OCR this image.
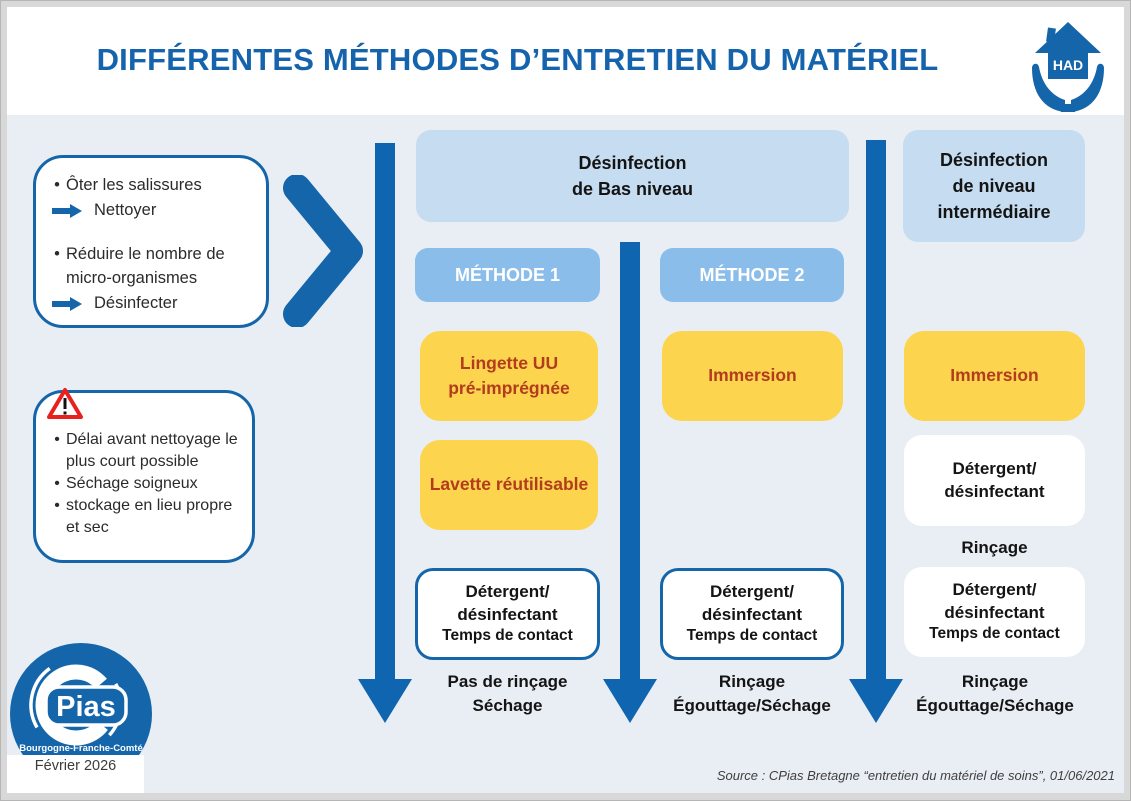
DIFFÉRENTES MÉTHODES D’ENTRETIEN DU MATÉRIEL	HAD
• Ôter les salissures
Nettoyer
• Réduire le nombre de micro-organismes
Désinfecter
• Délai avant nettoyage le plus court possible
• Séchage soigneux
• stockage en lieu propre et sec
Désinfection
de Bas niveau
Désinfection
de niveau
intermédiaire
MÉTHODE 1	MÉTHODE 2
Lingette UU
pré-imprégnée
Lavette réutilisable
Détergent/
désinfectant
Temps de contact
Pas de rinçage
Séchage
Immersion
Détergent/
désinfectant
Temps de contact
Rinçage
Égouttage/Séchage
Immersion
Détergent/
désinfectant
Rinçage
Détergent/
désinfectant
Temps de contact
Rinçage
Égouttage/Séchage
Pias
Bourgogne-Franche-Comté
Février 2026
Source : CPias Bretagne “entretien du matériel de soins”, 01/06/2021
